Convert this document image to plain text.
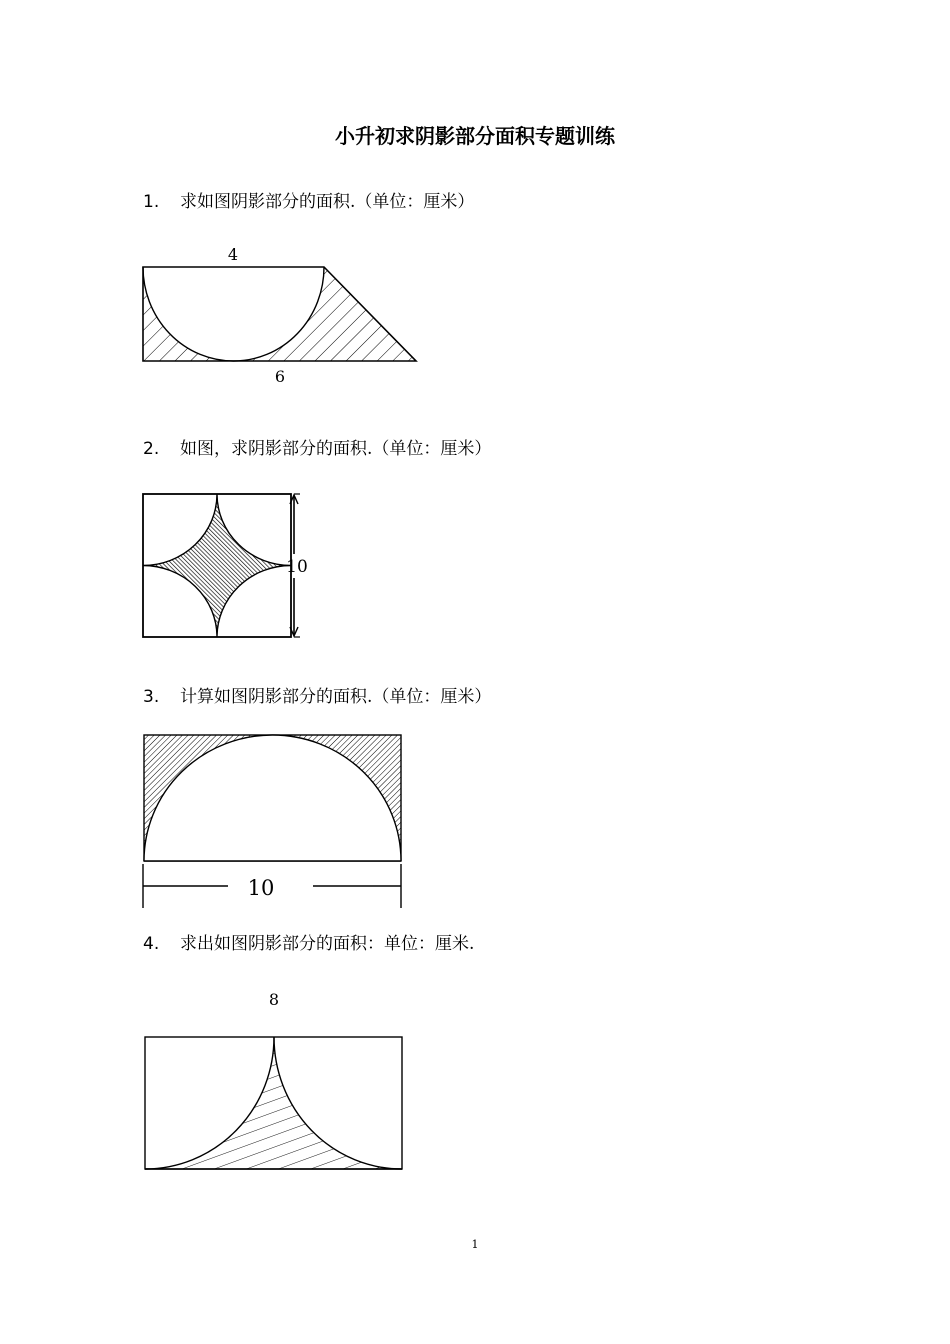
小升初求阴影部分面积专题训练
1. 求如图阴影部分的面积.（单位：厘米）
4
6
2. 如图，求阴影部分的面积.（单位：厘米）
10
3. 计算如图阴影部分的面积.（单位：厘米）
10
4. 求出如图阴影部分的面积：单位：厘米.
8
1
